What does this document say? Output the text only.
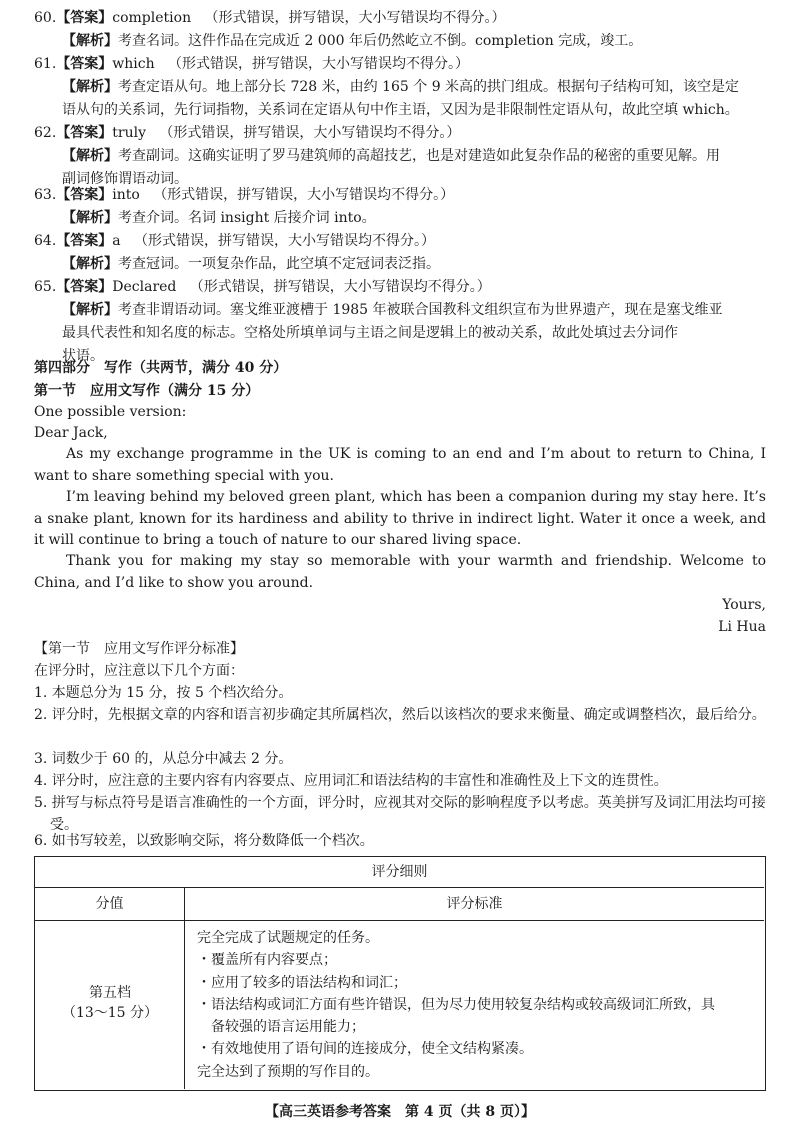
60.【答案】completion （形式错误，拼写错误，大小写错误均不得分。）
【解析】考查名词。这件作品在完成近 2 000 年后仍然屹立不倒。completion 完成，竣工。
61.【答案】which （形式错误，拼写错误，大小写错误均不得分。）
【解析】考查定语从句。地上部分长 728 米，由约 165 个 9 米高的拱门组成。根据句子结构可知，该空是定
语从句的关系词，先行词指物，关系词在定语从句中作主语，又因为是非限制性定语从句，故此空填 which。
62.【答案】truly （形式错误，拼写错误，大小写错误均不得分。）
【解析】考查副词。这确实证明了罗马建筑师的高超技艺，也是对建造如此复杂作品的秘密的重要见解。用
副词修饰谓语动词。
63.【答案】into （形式错误，拼写错误，大小写错误均不得分。）
【解析】考查介词。名词 insight 后接介词 into。
64.【答案】a （形式错误，拼写错误，大小写错误均不得分。）
【解析】考查冠词。一项复杂作品，此空填不定冠词表泛指。
65.【答案】Declared （形式错误，拼写错误，大小写错误均不得分。）
【解析】考查非谓语动词。塞戈维亚渡槽于 1985 年被联合国教科文组织宣布为世界遗产，现在是塞戈维亚
最具代表性和知名度的标志。空格处所填单词与主语之间是逻辑上的被动关系，故此处填过去分词作
状语。
第四部分　写作（共两节，满分 40 分）
第一节　应用文写作（满分 15 分）
One possible version:
Dear Jack,
As my exchange programme in the UK is coming to an end and I’m about to return to China, I want to share something special with you.
I’m leaving behind my beloved green plant, which has been a companion during my stay here. It’s a snake plant, known for its hardiness and ability to thrive in indirect light. Water it once a week, and it will continue to bring a touch of nature to our shared living space.
Thank you for making my stay so memorable with your warmth and friendship. Welcome to China, and I’d like to show you around.
Yours,
Li Hua
【第一节　应用文写作评分标准】
在评分时，应注意以下几个方面：
1. 本题总分为 15 分，按 5 个档次给分。
2. 评分时，先根据文章的内容和语言初步确定其所属档次，然后以该档次的要求来衡量、确定或调整档次，最后给分。
3. 词数少于 60 的，从总分中减去 2 分。
4. 评分时，应注意的主要内容有内容要点、应用词汇和语法结构的丰富性和准确性及上下文的连贯性。
5. 拼写与标点符号是语言准确性的一个方面，评分时，应视其对交际的影响程度予以考虑。英美拼写及词汇用法均可接受。
6. 如书写较差，以致影响交际，将分数降低一个档次。
评分细则
分值	评分标准
第五档
（13～15 分）
完全完成了试题规定的任务。
・覆盖所有内容要点；
・应用了较多的语法结构和词汇；
・语法结构或词汇方面有些许错误，但为尽力使用较复杂结构或较高级词汇所致，具
　备较强的语言运用能力；
・有效地使用了语句间的连接成分，使全文结构紧凑。
完全达到了预期的写作目的。
【高三英语参考答案　第 4 页（共 8 页）】
